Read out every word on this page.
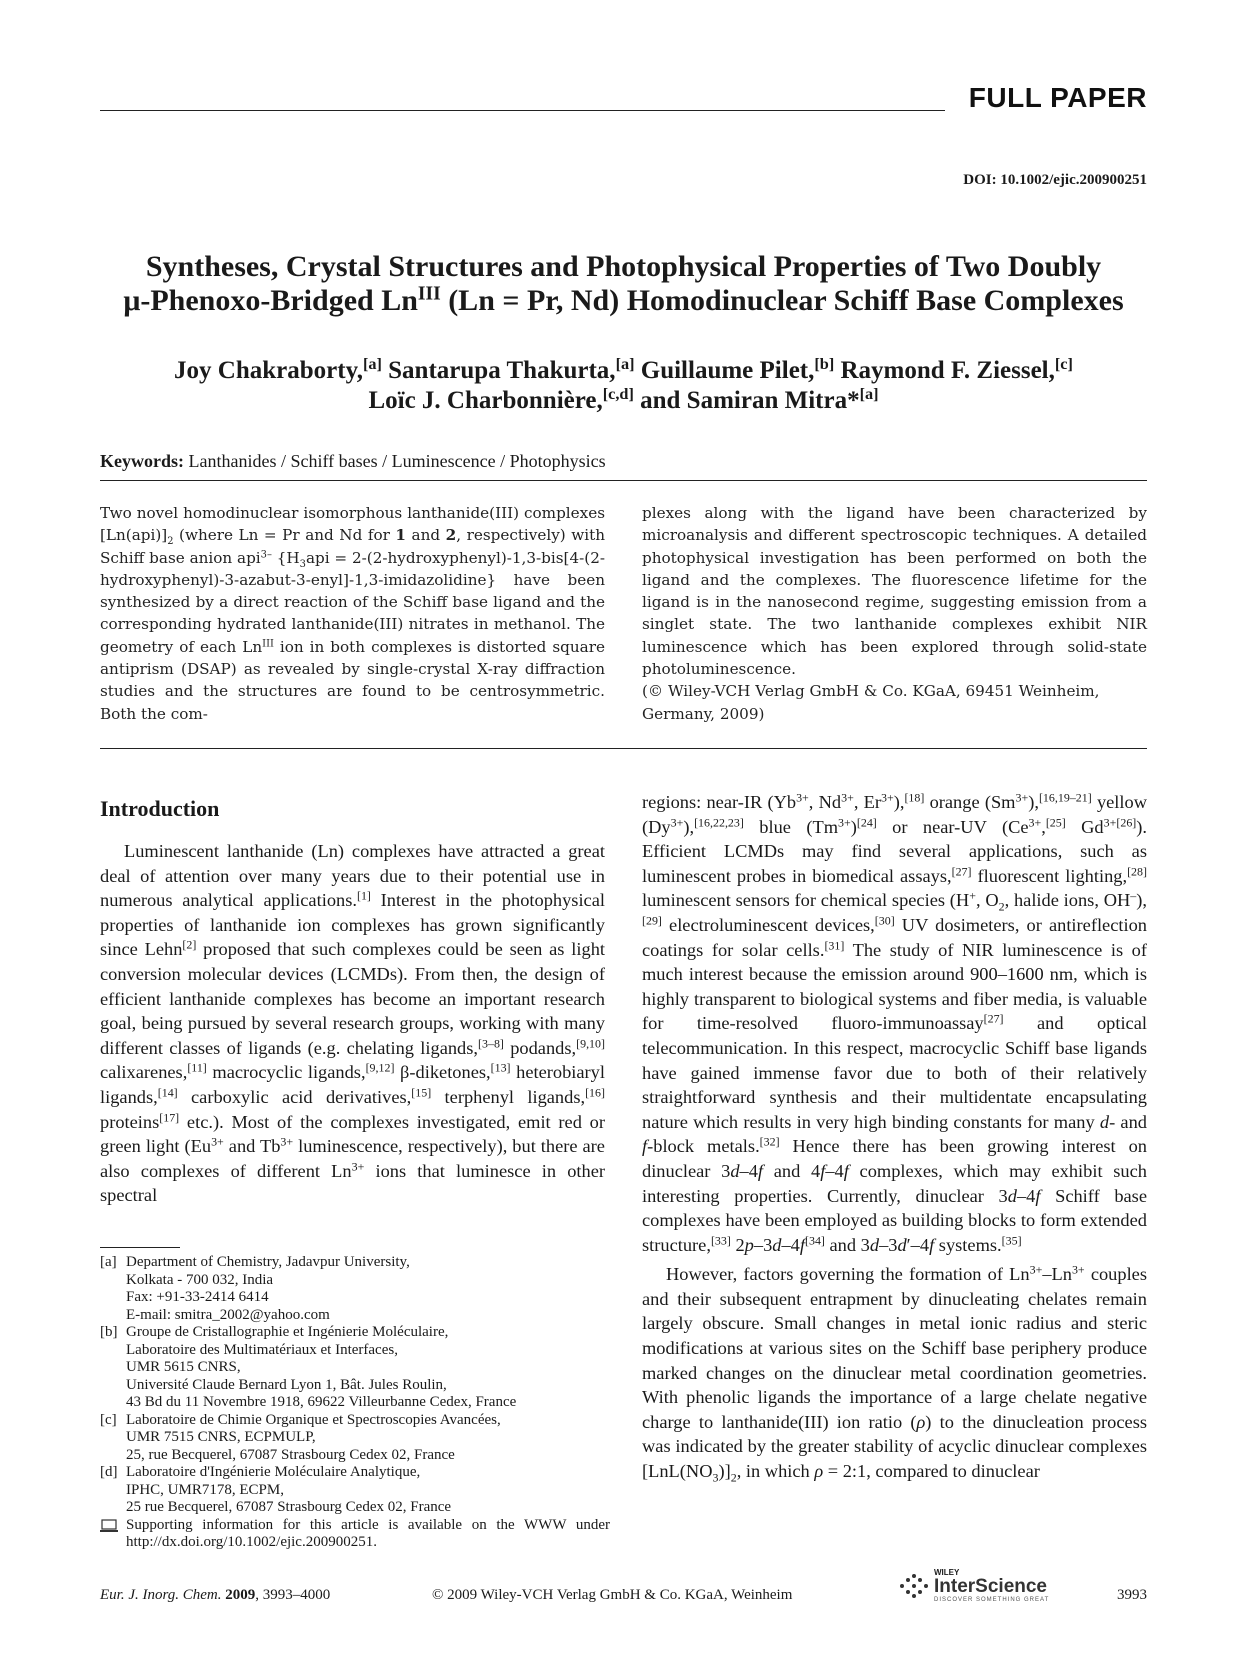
FULL PAPER
DOI: 10.1002/ejic.200900251
Syntheses, Crystal Structures and Photophysical Properties of Two Doubly
μ-Phenoxo-Bridged $Ln^{III}$ (Ln = Pr, Nd) Homodinuclear Schiff Base Complexes
Joy Chakraborty,[a] Santarupa Thakurta,[a] Guillaume Pilet,[b] Raymond F. Ziessel,[c]
Loïc J. Charbonnière,[c,d] and Samiran Mitra*[a]
Keywords: Lanthanides / Schiff bases / Luminescence / Photophysics
Two novel homodinuclear isomorphous lanthanide(III) complexes $[Ln(api)]_2$ (where Ln = Pr and Nd for 1 and 2, respectively) with Schiff base anion api$^{3-}$ {$H_3api$ = 2-(2-hydroxyphenyl)-1,3-bis[4-(2-hydroxyphenyl)-3-azabut-3-enyl]-1,3-imidazolidine} have been synthesized by a direct reaction of the Schiff base ligand and the corresponding hydrated lanthanide(III) nitrates in methanol. The geometry of each $Ln^{III}$ ion in both complexes is distorted square antiprism (DSAP) as revealed by single-crystal X-ray diffraction studies and the structures are found to be centrosymmetric. Both the com-
plexes along with the ligand have been characterized by microanalysis and different spectroscopic techniques. A detailed photophysical investigation has been performed on both the ligand and the complexes. The fluorescence lifetime for the ligand is in the nanosecond regime, suggesting emission from a singlet state. The two lanthanide complexes exhibit NIR luminescence which has been explored through solid-state photoluminescence.
(© Wiley-VCH Verlag GmbH & Co. KGaA, 69451 Weinheim, Germany, 2009)
Introduction

Luminescent lanthanide (Ln) complexes have attracted a great deal of attention over many years due to their potential use in numerous analytical applications.[1] Interest in the photophysical properties of lanthanide ion complexes has grown significantly since Lehn[2] proposed that such complexes could be seen as light conversion molecular devices (LCMDs). From then, the design of efficient lanthanide complexes has become an important research goal, being pursued by several research groups, working with many different classes of ligands (e.g. chelating ligands,[3–8] podands,[9,10] calixarenes,[11] macrocyclic ligands,[9,12] β-diketones,[13] heterobiaryl ligands,[14] carboxylic acid derivatives,[15] terphenyl ligands,[16] proteins[17] etc.). Most of the complexes investigated, emit red or green light ($Eu^{3+}$ and $Tb^{3+}$ luminescence, respectively), but there are also complexes of different $Ln^{3+}$ ions that luminesce in other spectral

regions: near-IR ($Yb^{3+}$, $Nd^{3+}$, $Er^{3+}),[18]$ orange $(Sm^{3+}),[16,19-21]$ yellow $(Dy^{3+}),[16,22,23]$ blue $(Tm^{3+})[24]$ or near-UV ($Ce^{3+},[25]$ $Gd^{3+[26]}$). Efficient LCMDs may find several applications, such as luminescent probes in biomedical assays,[27] fluorescent lighting,[28] luminescent sensors for chemical species (H+, $O_2$, halide ions, OH–),[29] electroluminescent devices,[30] UV dosimeters, or antireflection coatings for solar cells.[31] The study of NIR luminescence is of much interest because the emission around 900–1600 nm, which is highly transparent to biological systems and fiber media, is valuable for time-resolved fluoro-immunoassay[27] and optical telecommunication. In this respect, macrocyclic Schiff base ligands have gained immense favor due to both of their relatively straightforward synthesis and their multidentate encapsulating nature which results in very high binding constants for many d- and f-block metals.[32] Hence there has been growing interest on dinuclear 3d–4f and 4f–4f complexes, which may exhibit such interesting properties. Currently, dinuclear 3d–4f Schiff base complexes have been employed as building blocks to form extended structure,[33] 2p–3d–4f[34] and 3d–3d′–4f systems.[35]

However, factors governing the formation of $Ln^{3+}-Ln^{3+}$ couples and their subsequent entrapment by dinucleating chelates remain largely obscure. Small changes in metal ionic radius and steric modifications at various sites on the Schiff base periphery produce marked changes on the dinuclear metal coordination geometries. With phenolic ligands the importance of a large chelate negative charge to lanthanide(III) ion ratio (ρ) to the dinucleation process was indicated by the greater stability of acyclic dinuclear complexes $[LnL(NO_3)]_2$, in which ρ = 2:1, compared to dinuclear

[a] Department of Chemistry, Jadavpur University,
Kolkata - 700 032, India
Fax: +91-33-2414 6414
E-mail: smitra_2002@yahoo.com
[b] Groupe de Cristallographie et Ingénierie Moléculaire,
Laboratoire des Multimatériaux et Interfaces,
UMR 5615 CNRS,
Université Claude Bernard Lyon 1, Bât. Jules Roulin,
43 Bd du 11 Novembre 1918, 69622 Villeurbanne Cedex, France
[c] Laboratoire de Chimie Organique et Spectroscopies Avancées,
UMR 7515 CNRS, ECPMULP,
25, rue Becquerel, 67087 Strasbourg Cedex 02, France
[d] Laboratoire d'Ingénierie Moléculaire Analytique,
IPHC, UMR7178, ECPM,
25 rue Becquerel, 67087 Strasbourg Cedex 02, France
Supporting information for this article is available on the WWW under http://dx.doi.org/10.1002/ejic.200900251.
Eur. J. Inorg. Chem. 2009, 3993–4000	© 2009 Wiley-VCH Verlag GmbH & Co. KGaA, Weinheim
WILEY
InterScience
DISCOVER SOMETHING GREAT	3993
